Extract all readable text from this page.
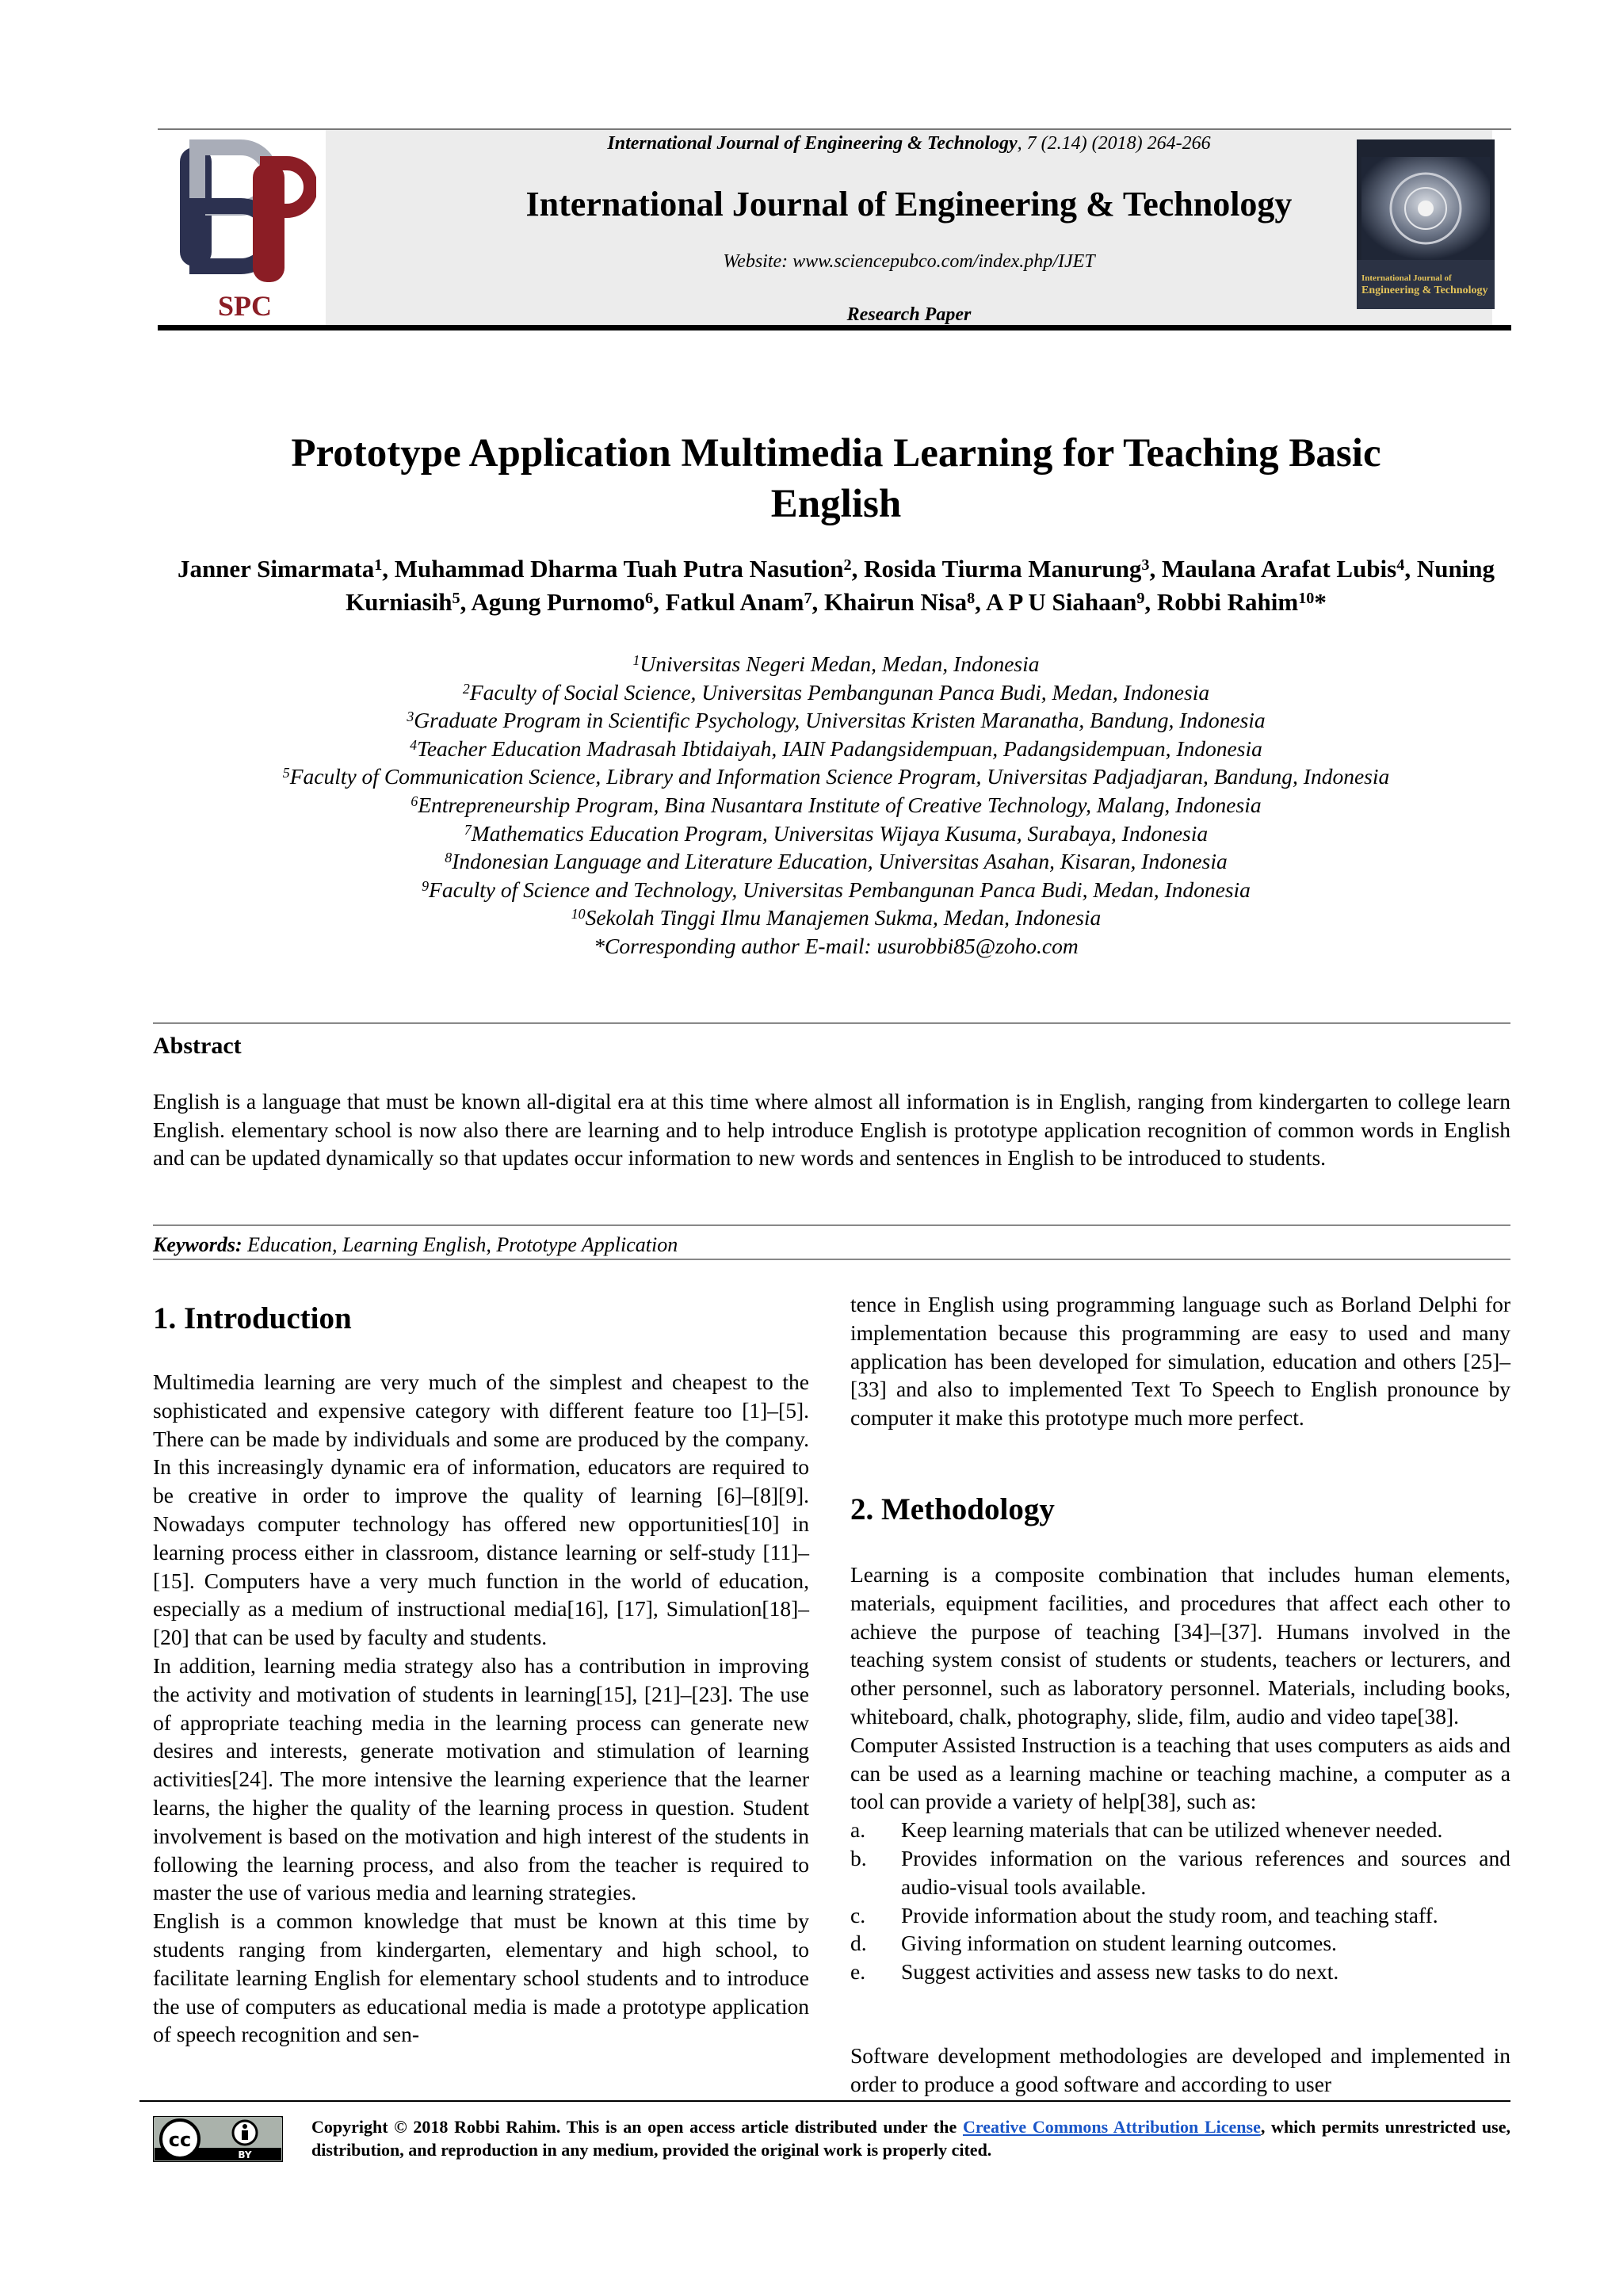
SPC
International Journal of Engineering & Technology, 7 (2.14) (2018) 264-266
International Journal of Engineering & Technology
Website: www.sciencepubco.com/index.php/IJET
Research Paper
International Journal of
Engineering & Technology
Prototype Application Multimedia Learning for Teaching Basic
English
Janner Simarmata$^1$, Muhammad Dharma Tuah Putra Nasution$^2$, Rosida Tiurma Manurung$^3$, Maulana Arafat Lubis$^4$, Nuning Kurniasih$^5$, Agung Purnomo$^6$, Fatkul Anam$^7$, Khairun Nisa$^8$, A P U Siahaan$^9$, Robbi Rahim$^{10}$*
$^1$Universitas Negeri Medan, Medan, Indonesia
$^2$Faculty of Social Science, Universitas Pembangunan Panca Budi, Medan, Indonesia
$^3$Graduate Program in Scientific Psychology, Universitas Kristen Maranatha, Bandung, Indonesia
$^4$Teacher Education Madrasah Ibtidaiyah, IAIN Padangsidempuan, Padangsidempuan, Indonesia
$^5$Faculty of Communication Science, Library and Information Science Program, Universitas Padjadjaran, Bandung, Indonesia
$^6$Entrepreneurship Program, Bina Nusantara Institute of Creative Technology, Malang, Indonesia
$^7$Mathematics Education Program, Universitas Wijaya Kusuma, Surabaya, Indonesia
$^8$Indonesian Language and Literature Education, Universitas Asahan, Kisaran, Indonesia
$^9$Faculty of Science and Technology, Universitas Pembangunan Panca Budi, Medan, Indonesia
$^{10}$Sekolah Tinggi Ilmu Manajemen Sukma, Medan, Indonesia
*Corresponding author E-mail: usurobbi85@zoho.com
Abstract
English is a language that must be known all-digital era at this time where almost all information is in English, ranging from kindergarten to college learn English. elementary school is now also there are learning and to help introduce English is prototype application recognition of common words in English and can be updated dynamically so that updates occur information to new words and sentences in English to be introduced to students.
Keywords: Education, Learning English, Prototype Application
1. Introduction

Multimedia learning are very much of the simplest and cheapest to the sophisticated and expensive category with different feature too [1]–[5]. There can be made by individuals and some are produced by the company. In this increasingly dynamic era of information, educators are required to be creative in order to improve the quality of learning [6]–[8][9]. Nowadays computer technology has offered new opportunities[10] in learning process either in classroom, distance learning or self-study [11]–[15]. Computers have a very much function in the world of education, especially as a medium of instructional media[16], [17], Simulation[18]–[20] that can be used by faculty and students.

In addition, learning media strategy also has a contribution in improving the activity and motivation of students in learning[15], [21]–[23]. The use of appropriate teaching media in the learning process can generate new desires and interests, generate motivation and stimulation of learning activities[24]. The more intensive the learning experience that the learner learns, the higher the quality of the learning process in question. Student involvement is based on the motivation and high interest of the students in following the learning process, and also from the teacher is required to master the use of various media and learning strategies.

English is a common knowledge that must be known at this time by students ranging from kindergarten, elementary and high school, to facilitate learning English for elementary school students and to introduce the use of computers as educational media is made a prototype application of speech recognition and sen-

tence in English using programming language such as Borland Delphi for implementation because this programming are easy to used and many application has been developed for simulation, education and others [25]–[33] and also to implemented Text To Speech to English pronounce by computer it make this prototype much more perfect.
2. Methodology

Learning is a composite combination that includes human elements, materials, equipment facilities, and procedures that affect each other to achieve the purpose of teaching [34]–[37]. Humans involved in the teaching system consist of students or students, teachers or lecturers, and other personnel, such as laboratory personnel. Materials, including books, whiteboard, chalk, photography, slide, film, audio and video tape[38].

Computer Assisted Instruction is a teaching that uses computers as aids and can be used as a learning machine or teaching machine, a computer as a tool can provide a variety of help[38], such as:

a.	Keep learning materials that can be utilized whenever needed.
b.	Provides information on the various references and sources and audio-visual tools available.
c.	Provide information about the study room, and teaching staff.
d.	Giving information on student learning outcomes.
e.	Suggest activities and assess new tasks to do next.
Software development methodologies are developed and implemented in order to produce a good software and according to user
cc
BY
Copyright © 2018 Robbi Rahim. This is an open access article distributed under the Creative Commons Attribution License, which permits unrestricted use, distribution, and reproduction in any medium, provided the original work is properly cited.
